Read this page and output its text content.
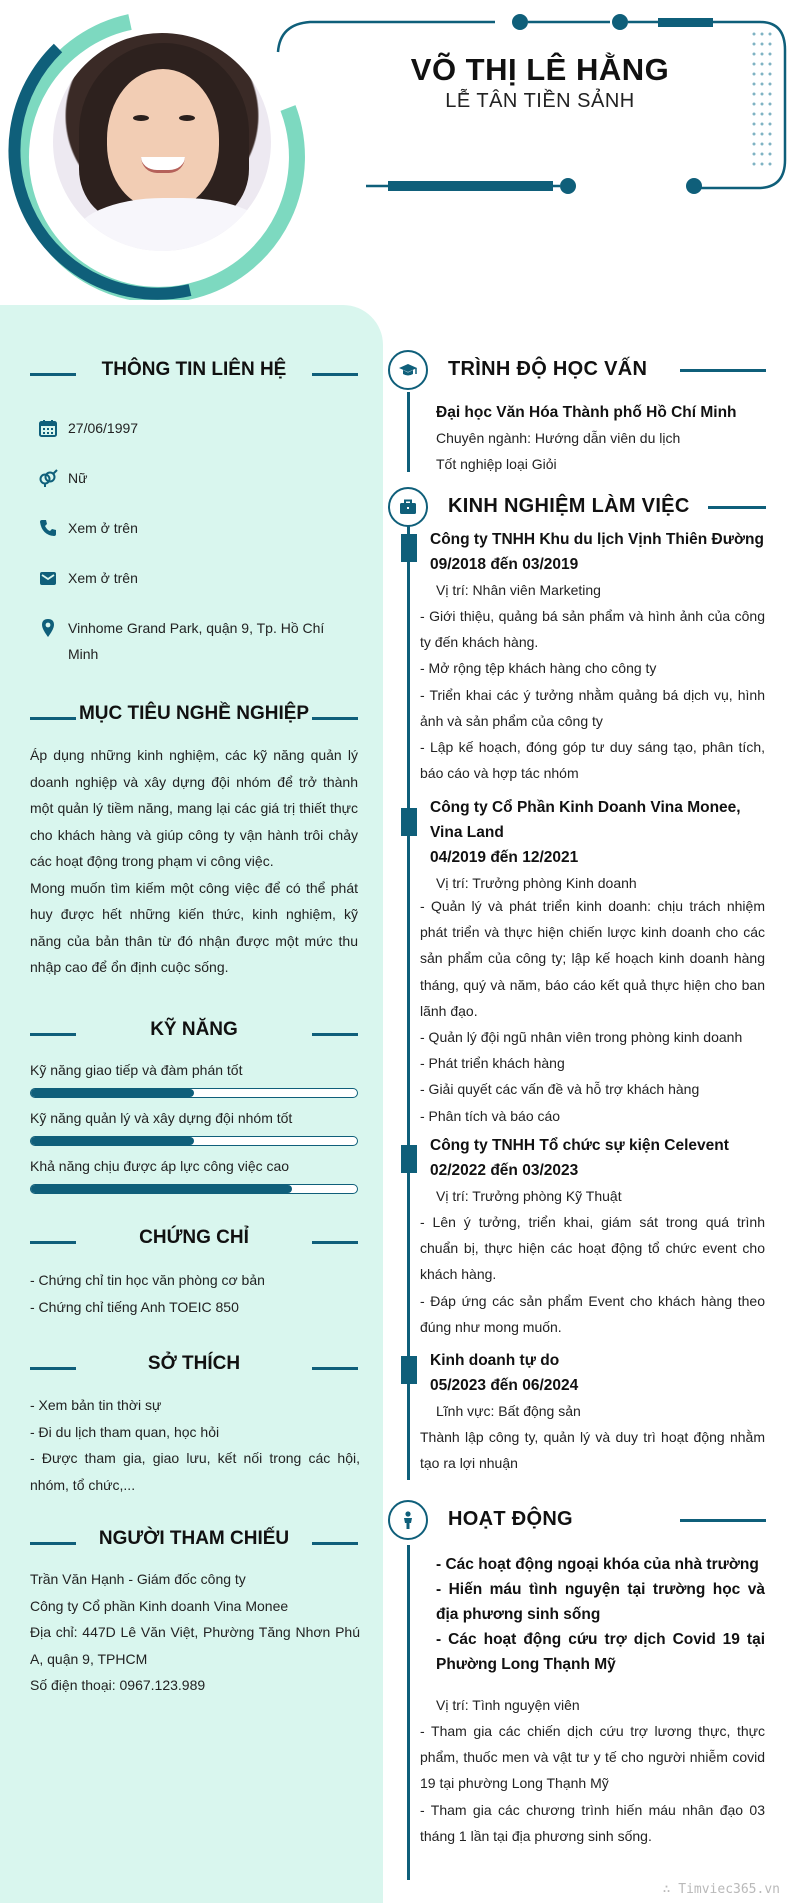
VÕ THỊ LÊ HẰNG
LỄ TÂN TIỀN SẢNH
THÔNG TIN LIÊN HỆ
27/06/1997
Nữ
Xem ở trên
Xem ở trên
Vinhome Grand Park, quận 9, Tp. Hồ Chí Minh
MỤC TIÊU NGHỀ NGHIỆP
Áp dụng những kinh nghiệm, các kỹ năng quản lý doanh nghiệp và xây dựng đội nhóm để trở thành một quản lý tiềm năng, mang lại các giá trị thiết thực cho khách hàng và giúp công ty vận hành trôi chảy các hoạt động trong phạm vi công việc.
Mong muốn tìm kiếm một công việc để có thể phát huy được hết những kiến thức, kinh nghiệm, kỹ năng của bản thân từ đó nhận được một mức thu nhập cao để ổn định cuộc sống.
KỸ NĂNG
Kỹ năng giao tiếp và đàm phán tốt
Kỹ năng quản lý và xây dựng đội nhóm tốt
Khả năng chịu được áp lực công việc cao
CHỨNG CHỈ
- Chứng chỉ tin học văn phòng cơ bản
- Chứng chỉ tiếng Anh TOEIC 850
SỞ THÍCH
- Xem bản tin thời sự
- Đi du lịch tham quan, học hỏi
- Được tham gia, giao lưu, kết nối trong các hội, nhóm, tổ chức,...
NGƯỜI THAM CHIẾU
Trần Văn Hạnh - Giám đốc công ty
Công ty Cổ phần Kinh doanh Vina Monee
Địa chỉ: 447D Lê Văn Việt, Phường Tăng Nhơn Phú A, quận 9, TPHCM
Số điện thoại: 0967.123.989
TRÌNH ĐỘ HỌC VẤN
Đại học Văn Hóa Thành phố Hồ Chí Minh
Chuyên ngành: Hướng dẫn viên du lịch
Tốt nghiệp loại Giỏi
KINH NGHIỆM LÀM VIỆC
Công ty TNHH Khu du lịch Vịnh Thiên Đường
09/2018 đến 03/2019
Vị trí: Nhân viên Marketing
- Giới thiệu, quảng bá sản phẩm và hình ảnh của công ty đến khách hàng.
- Mở rộng tệp khách hàng cho công ty
- Triển khai các ý tưởng nhằm quảng bá dịch vụ, hình ảnh và sản phẩm của công ty
- Lập kế hoạch, đóng góp tư duy sáng tạo, phân tích, báo cáo và hợp tác nhóm
Công ty Cổ Phần Kinh Doanh Vina Monee, Vina Land
04/2019 đến 12/2021
Vị trí: Trưởng phòng Kinh doanh
- Quản lý và phát triển kinh doanh: chịu trách nhiệm phát triển và thực hiện chiến lược kinh doanh cho các sản phẩm của công ty; lập kế hoạch kinh doanh hàng tháng, quý và năm, báo cáo kết quả thực hiện cho ban lãnh đạo.
- Quản lý đội ngũ nhân viên trong phòng kinh doanh
- Phát triển khách hàng
- Giải quyết các vấn đề và hỗ trợ khách hàng
- Phân tích và báo cáo
Công ty TNHH Tổ chức sự kiện Celevent
02/2022 đến 03/2023
Vị trí: Trưởng phòng Kỹ Thuật
- Lên ý tưởng, triển khai, giám sát trong quá trình chuẩn bị, thực hiện các hoạt động tổ chức event cho khách hàng.
- Đáp ứng các sản phẩm Event cho khách hàng theo đúng như mong muốn.
Kinh doanh tự do
05/2023 đến 06/2024
Lĩnh vực: Bất động sản
Thành lập công ty, quản lý và duy trì hoạt động nhằm tạo ra lợi nhuận
HOẠT ĐỘNG
- Các hoạt động ngoại khóa của nhà trường
- Hiến máu tình nguyện tại trường học và địa phương sinh sống
- Các hoạt động cứu trợ dịch Covid 19 tại Phường Long Thạnh Mỹ
Vị trí: Tình nguyện viên
- Tham gia các chiến dịch cứu trợ lương thực, thực phẩm, thuốc men và vật tư y tế cho người nhiễm covid 19 tại phường Long Thạnh Mỹ
- Tham gia các chương trình hiến máu nhân đạo 03 tháng 1 lần tại địa phương sinh sống.
∴ Timviec365.vn
